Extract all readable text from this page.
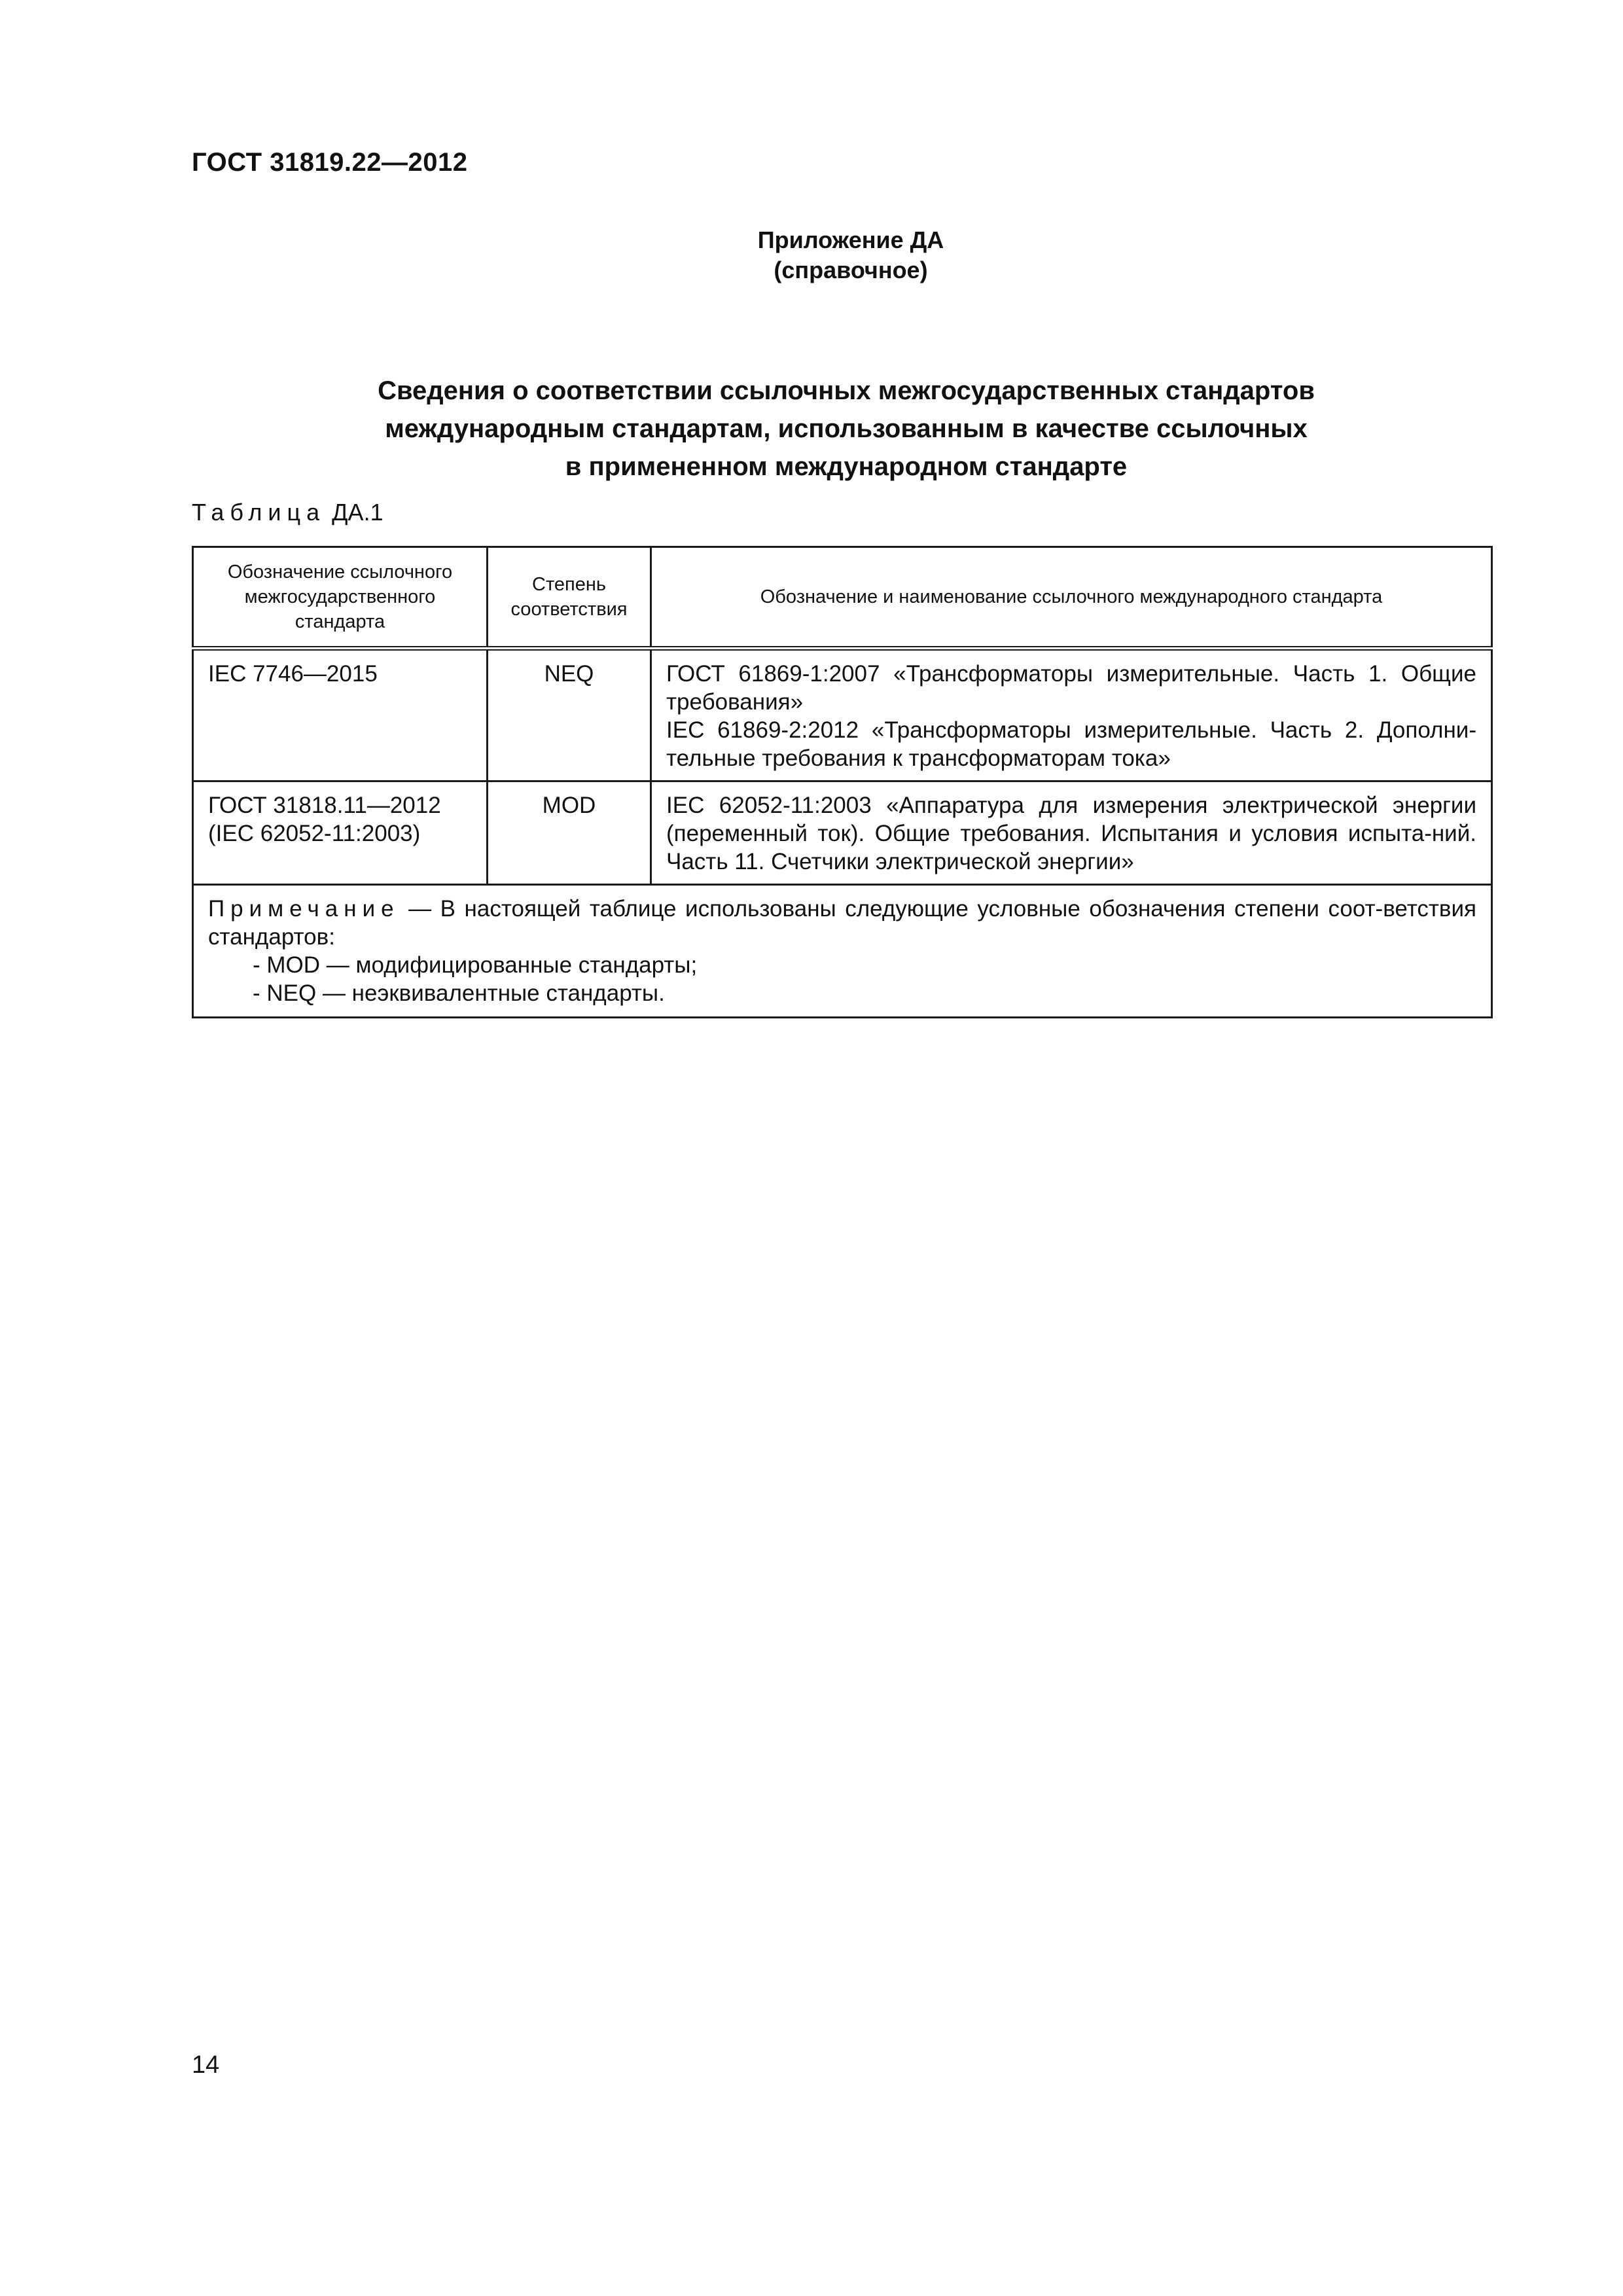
ГОСТ 31819.22—2012
Приложение ДА
(справочное)
Сведения о соответствии ссылочных межгосударственных стандартов
международным стандартам, использованным в качестве ссылочных
в примененном международном стандарте
Таблица ДА.1
Обозначение ссылочного межгосударственного стандарта	Степень соответствия	Обозначение и наименование ссылочного международного стандарта

IEC 7746—2015	NEQ	ГОСТ 61869-1:2007 «Трансформаторы измерительные. Часть 1. Общие требования»
IEC 61869-2:2012 «Трансформаторы измерительные. Часть 2. Дополни-тельные требования к трансформаторам тока»

ГОСТ 31818.11—2012
(IEC 62052-11:2003)	MOD	IEC 62052-11:2003 «Аппаратура для измерения электрической энергии (переменный ток). Общие требования. Испытания и условия испыта-ний. Часть 11. Счетчики электрической энергии»

Примечание — В настоящей таблице использованы следующие условные обозначения степени соот-ветствия стандартов:
- MOD — модифицированные стандарты;
- NEQ — неэквивалентные стандарты.		
14
